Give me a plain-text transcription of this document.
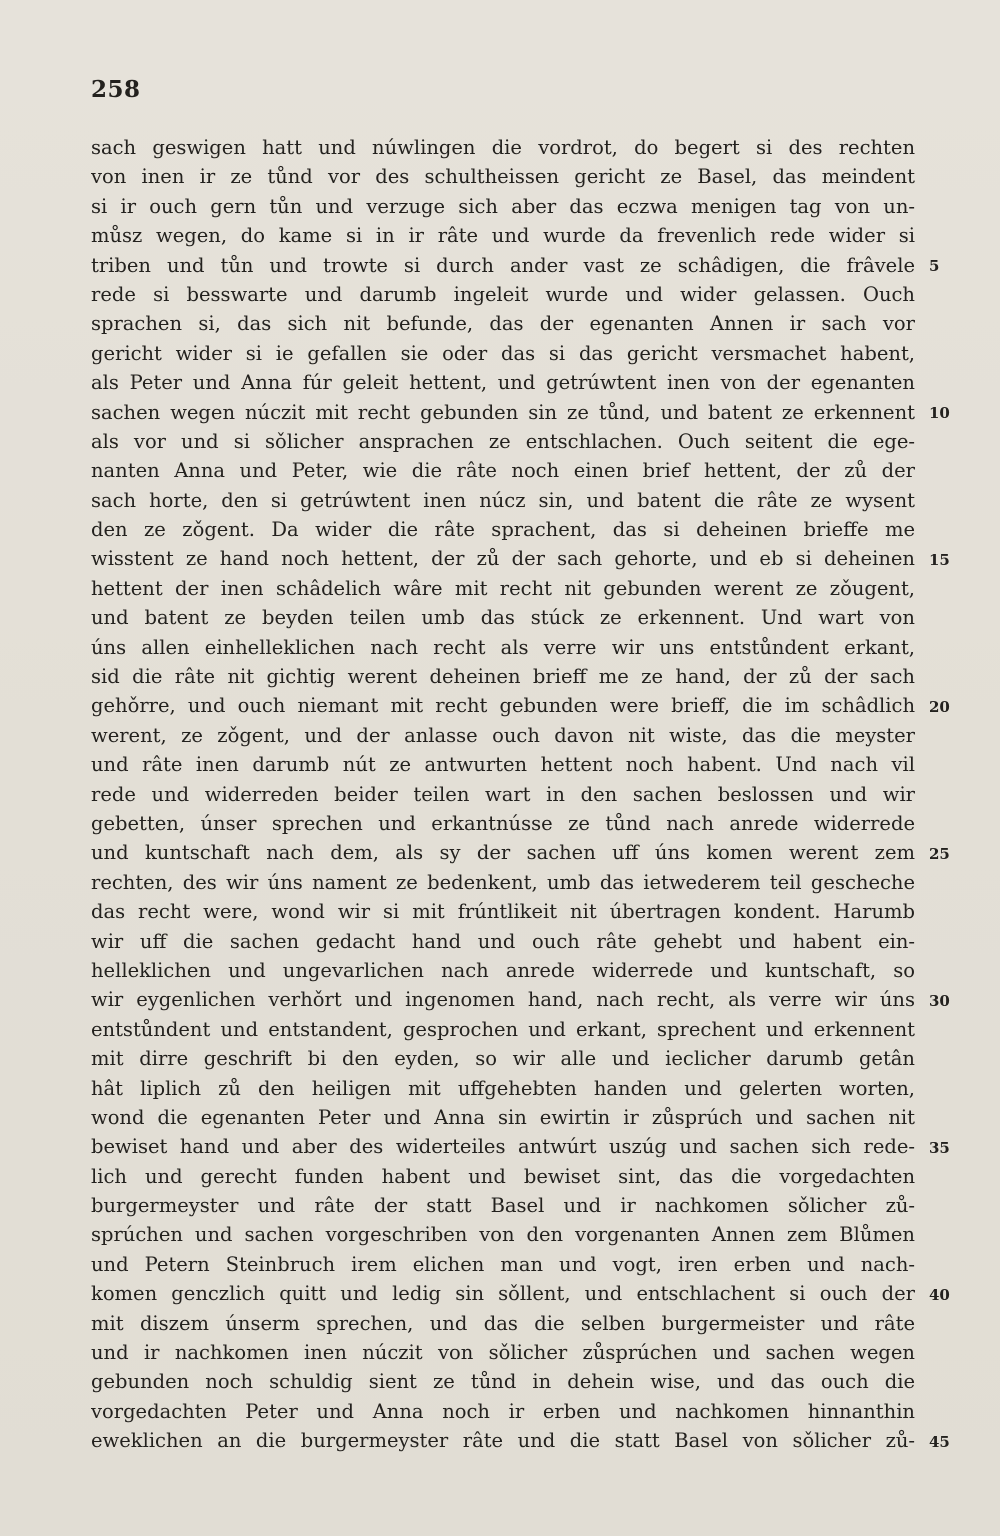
258
sach geswigen hatt und núwlingen die vordrot, do begert si des rechten
von inen ir ze tůnd vor des schultheissen gericht ze Basel, das meindent
si ir ouch gern tůn und verzuge sich aber das eczwa menigen tag von un-
můsz wegen, do kame si in ir râte und wurde da frevenlich rede wider si
triben und tůn und trowte si durch ander vast ze schâdigen, die frâvele
rede si besswarte und darumb ingeleit wurde und wider gelassen. Ouch
sprachen si, das sich nit befunde, das der egenanten Annen ir sach vor
gericht wider si ie gefallen sie oder das si das gericht versmachet habent,
als Peter und Anna fúr geleit hettent, und getrúwtent inen von der egenanten
sachen wegen núczit mit recht gebunden sin ze tůnd, und batent ze erkennent
als vor und si sǒlicher ansprachen ze entschlachen. Ouch seitent die ege-
nanten Anna und Peter, wie die râte noch einen brief hettent, der zů der
sach horte, den si getrúwtent inen núcz sin, und batent die râte ze wysent
den ze zǒgent. Da wider die râte sprachent, das si deheinen brieffe me
wisstent ze hand noch hettent, der zů der sach gehorte, und eb si deheinen
hettent der inen schâdelich wâre mit recht nit gebunden werent ze zǒugent,
und batent ze beyden teilen umb das stúck ze erkennent. Und wart von
úns allen einhelleklichen nach recht als verre wir uns entstůndent erkant,
sid die râte nit gichtig werent deheinen brieff me ze hand, der zů der sach
gehǒrre, und ouch niemant mit recht gebunden were brieff, die im schâdlich
werent, ze zǒgent, und der anlasse ouch davon nit wiste, das die meyster
und râte inen darumb nút ze antwurten hettent noch habent. Und nach vil
rede und widerreden beider teilen wart in den sachen beslossen und wir
gebetten, únser sprechen und erkantnússe ze tůnd nach anrede widerrede
und kuntschaft nach dem, als sy der sachen uff úns komen werent zem
rechten, des wir úns nament ze bedenkent, umb das ietwederem teil gescheche
das recht were, wond wir si mit frúntlikeit nit úbertragen kondent. Harumb
wir uff die sachen gedacht hand und ouch râte gehebt und habent ein-
helleklichen und ungevarlichen nach anrede widerrede und kuntschaft, so
wir eygenlichen verhǒrt und ingenomen hand, nach recht, als verre wir úns
entstůndent und entstandent, gesprochen und erkant, sprechent und erkennent
mit dirre geschrift bi den eyden, so wir alle und ieclicher darumb getân
hât liplich zů den heiligen mit uffgehebten handen und gelerten worten,
wond die egenanten Peter und Anna sin ewirtin ir zůsprúch und sachen nit
bewiset hand und aber des widerteiles antwúrt uszúg und sachen sich rede-
lich und gerecht funden habent und bewiset sint, das die vorgedachten
burgermeyster und râte der statt Basel und ir nachkomen sǒlicher zů-
sprúchen und sachen vorgeschriben von den vorgenanten Annen zem Blůmen
und Petern Steinbruch irem elichen man und vogt, iren erben und nach-
komen genczlich quitt und ledig sin sǒllent, und entschlachent si ouch der
mit diszem únserm sprechen, und das die selben burgermeister und râte
und ir nachkomen inen núczit von sǒlicher zůsprúchen und sachen wegen
gebunden noch schuldig sient ze tůnd in dehein wise, und das ouch die
vorgedachten Peter und Anna noch ir erben und nachkomen hinnanthin
eweklichen an die burgermeyster râte und die statt Basel von sǒlicher zů-
5
10
15
20
25
30
35
40
45
